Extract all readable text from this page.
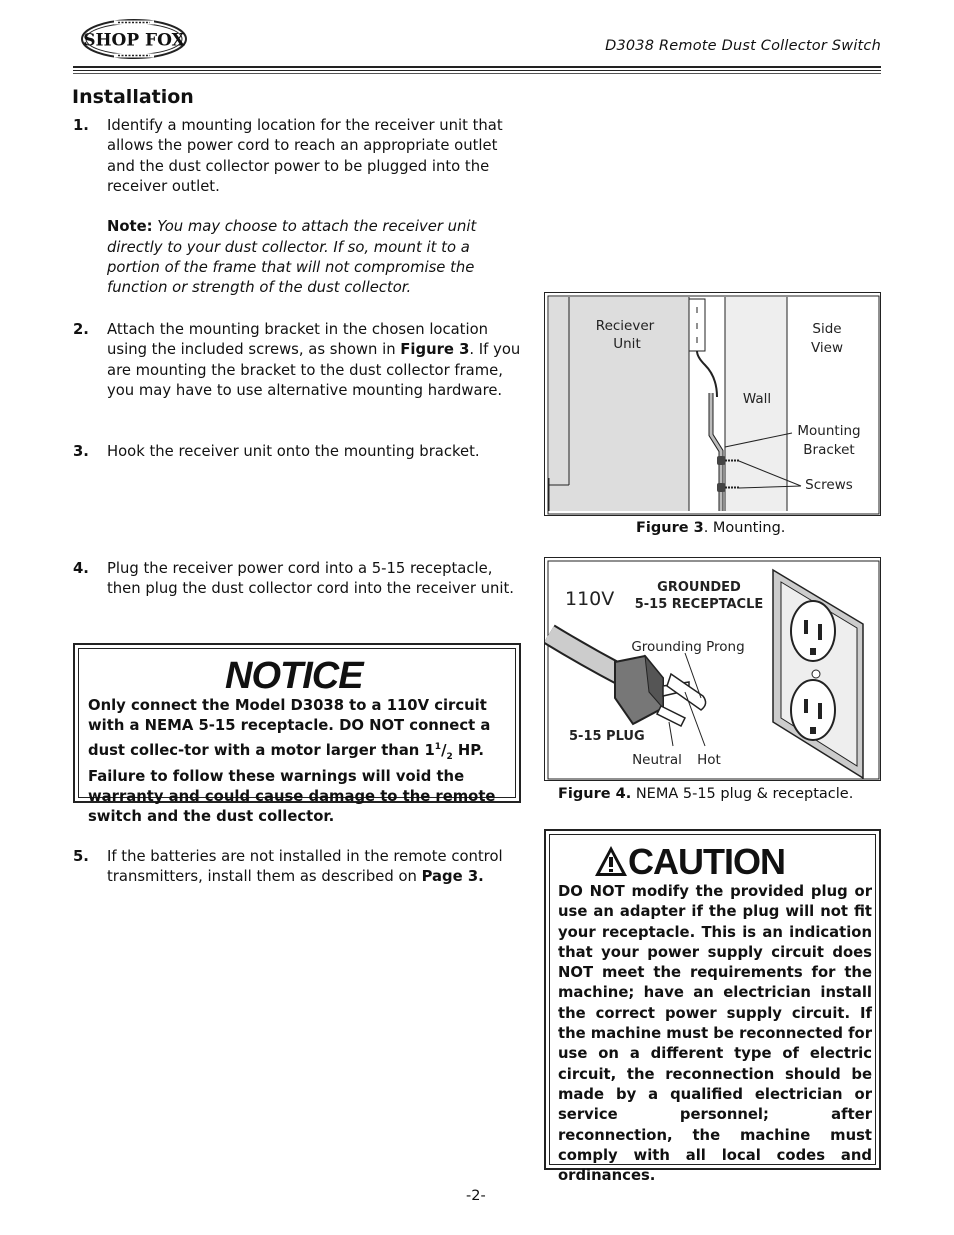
SHOP FOX	D3038 Remote Dust Collector Switch
Installation
1. Identify a mounting location for the receiver unit that allows the power cord to reach an appropriate outlet and the dust collector power to be plugged into the receiver outlet.
Note: You may choose to attach the receiver unit directly to your dust collector. If so, mount it to a portion of the frame that will not compromise the function or strength of the dust collector.
2. Attach the mounting bracket in the chosen location using the included screws, as shown in Figure 3. If you are mounting the bracket to the dust collector frame, you may have to use alternative mounting hardware.
3. Hook the receiver unit onto the mounting bracket.
4. Plug the receiver power cord into a 5-15 receptacle, then plug the dust collector cord into the receiver unit.
NOTICE
Only connect the Model D3038 to a 110V circuit with a NEMA 5-15 receptacle. DO NOT connect a dust collec-tor with a motor larger than $1^1/_2$ HP. Failure to follow these warnings will void the warranty and could cause damage to the remote switch and the dust collector.
5. If the batteries are not installed in the remote control transmitters, install them as described on Page 3.
Reciever
Unit
Side
View
Wall
Mounting
Bracket
Screws
Figure 3. Mounting.
110V
GROUNDED
5-15 RECEPTACLE
Grounding Prong
5-15 PLUG
Neutral Hot
Figure 4. NEMA 5-15 plug & receptacle.
CAUTION
DO NOT modify the provided plug or use an adapter if the plug will not fit your receptacle. This is an indication that your power supply circuit does NOT meet the requirements for the machine; have an electrician install the correct power supply circuit. If the machine must be reconnected for use on a different type of electric circuit, the reconnection should be made by a qualified electrician or service personnel; after reconnection, the machine must comply with all local codes and ordinances.
-2-
